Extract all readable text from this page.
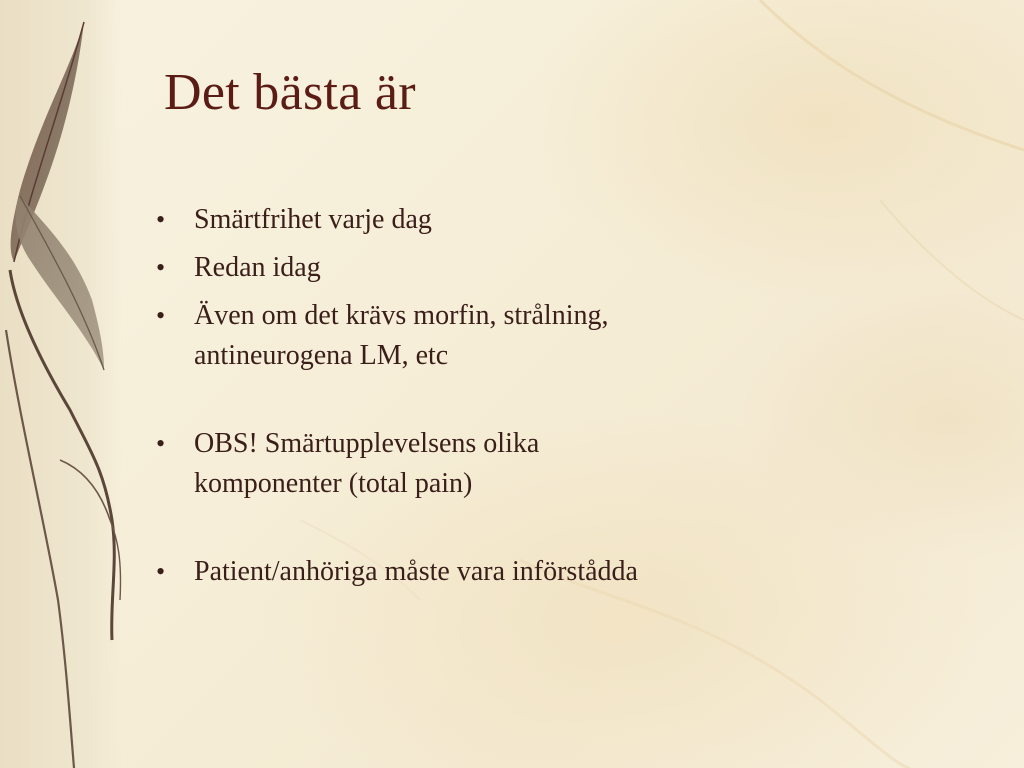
Det bästa är
• Smärtfrihet varje dag
• Redan idag
• Även om det krävs morfin, strålning, antineurogena LM, etc
• OBS! Smärtupplevelsens olika komponenter (total pain)
• Patient/anhöriga måste vara införstådda
